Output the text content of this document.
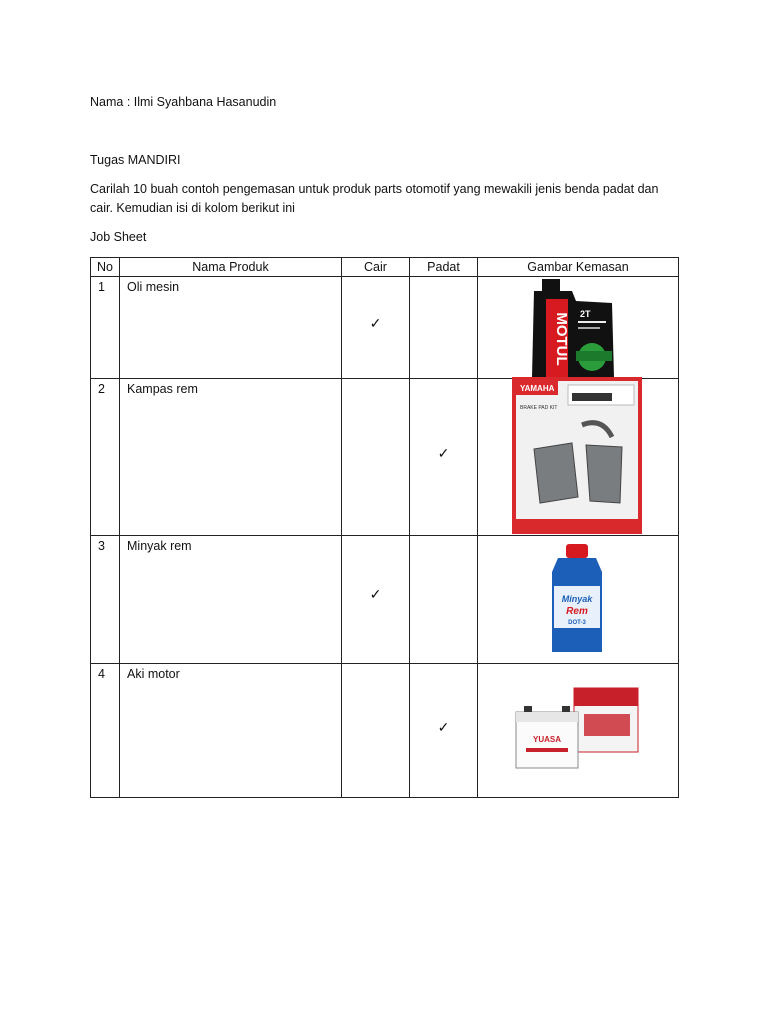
Nama : Ilmi Syahbana Hasanudin
Tugas MANDIRI
Carilah 10 buah contoh pengemasan untuk produk parts otomotif yang mewakili jenis benda padat dan cair. Kemudian isi di kolom berikut ini
Job Sheet
No	Nama Produk	Cair	Padat	Gambar Kemasan
1	Oli mesin	✓		MOTUL 2T

2	Kampas rem		✓	YAMAHA
BRAKE PAD KIT

3	Minyak rem	✓		Minyak
Rem
DOT-3

4	Aki motor		✓	YUASA
